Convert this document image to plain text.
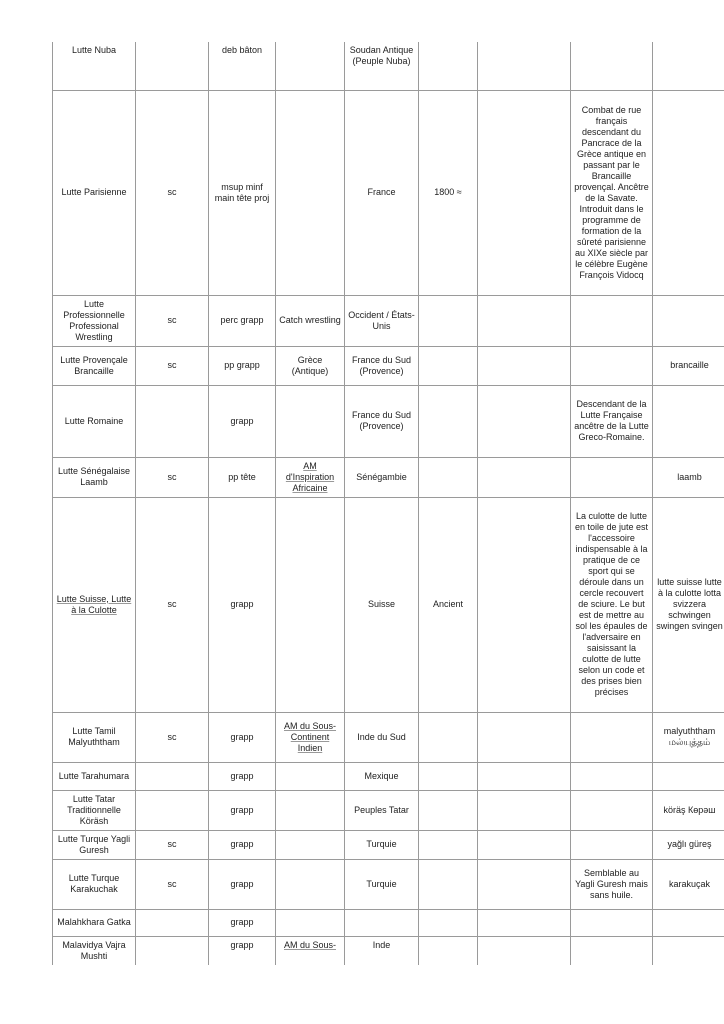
Lutte Nuba		deb bâton		Soudan Antique (Peuple Nuba)				
Lutte Parisienne	sc	msup minf main tête proj		France	1800 ≈		Combat de rue français descendant du Pancrace de la Grèce antique en passant par le Brancaille provençal. Ancêtre de la Savate. Introduit dans le programme de formation de la sûreté parisienne au XIXe siècle par le célèbre Eugène François Vidocq	
Lutte Professionnelle Professional Wrestling	sc	perc grapp	Catch wrestling	Occident / États-Unis				
Lutte Provençale Brancaille	sc	pp grapp	Grèce (Antique)	France du Sud (Provence)				brancaille
Lutte Romaine		grapp		France du Sud (Provence)			Descendant de la Lutte Française ancêtre de la Lutte Greco-Romaine.	
Lutte Sénégalaise Laamb	sc	pp tête	AM d'Inspiration Africaine	Sénégambie				laamb
Lutte Suisse, Lutte à la Culotte	sc	grapp		Suisse	Ancient		La culotte de lutte en toile de jute est l'accessoire indispensable à la pratique de ce sport qui se déroule dans un cercle recouvert de sciure. Le but est de mettre au sol les épaules de l'adversaire en saisissant la culotte de lutte selon un code et des prises bien précises	lutte suisse lutte à la culotte lotta svizzera schwingen swingen svingen
Lutte Tamil Malyuththam	sc	grapp	AM du Sous-Continent Indien	Inde du Sud				malyuththam மல்யுத்தம்
Lutte Tarahumara		grapp		Mexique				
Lutte Tatar Traditionnelle Köräsh		grapp		Peuples Tatar				köräş Көрәш
Lutte Turque Yagli Guresh	sc	grapp		Turquie				yağlı güreş
Lutte Turque Karakuchak	sc	grapp		Turquie			Semblable au Yagli Guresh mais sans huile.	karakuçak
Malahkhara Gatka		grapp						
Malavidya Vajra Mushti		grapp	AM du Sous-	Inde				
